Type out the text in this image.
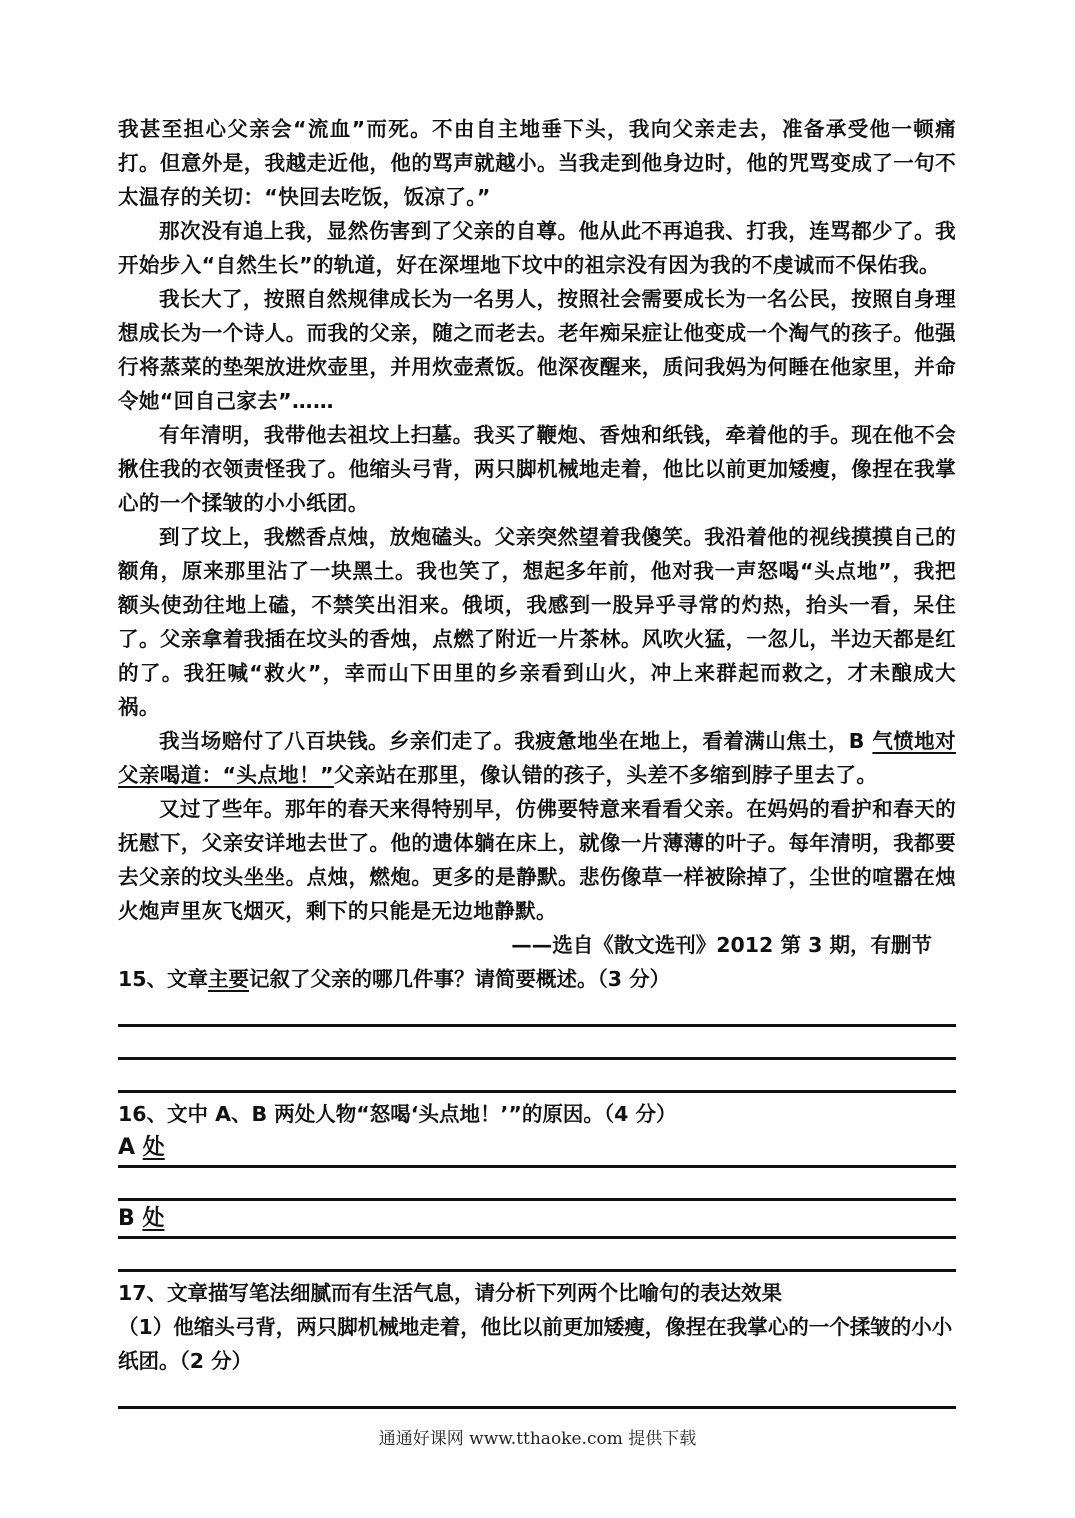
我甚至担心父亲会“流血”而死。不由自主地垂下头，我向父亲走去，准备承受他一顿痛打。但意外是，我越走近他，他的骂声就越小。当我走到他身边时，他的咒骂变成了一句不太温存的关切：“快回去吃饭，饭凉了。”

那次没有追上我，显然伤害到了父亲的自尊。他从此不再追我、打我，连骂都少了。我开始步入“自然生长”的轨道，好在深埋地下坟中的祖宗没有因为我的不虔诚而不保佑我。

我长大了，按照自然规律成长为一名男人，按照社会需要成长为一名公民，按照自身理想成长为一个诗人。而我的父亲，随之而老去。老年痴呆症让他变成一个淘气的孩子。他强行将蒸菜的垫架放进炊壶里，并用炊壶煮饭。他深夜醒来，质问我妈为何睡在他家里，并命令她“回自己家去”……

有年清明，我带他去祖坟上扫墓。我买了鞭炮、香烛和纸钱，牵着他的手。现在他不会揪住我的衣领责怪我了。他缩头弓背，两只脚机械地走着，他比以前更加矮瘦，像捏在我掌心的一个揉皱的小小纸团。

到了坟上，我燃香点烛，放炮磕头。父亲突然望着我傻笑。我沿着他的视线摸摸自己的额角，原来那里沾了一块黑土。我也笑了，想起多年前，他对我一声怒喝“头点地”，我把额头使劲往地上磕，不禁笑出泪来。俄顷，我感到一股异乎寻常的灼热，抬头一看，呆住了。父亲拿着我插在坟头的香烛，点燃了附近一片茶林。风吹火猛，一忽儿，半边天都是红的了。我狂喊“救火”，幸而山下田里的乡亲看到山火，冲上来群起而救之，才未酿成大祸。

我当场赔付了八百块钱。乡亲们走了。我疲惫地坐在地上，看着满山焦土，B 气愤地对父亲喝道：“头点地！”父亲站在那里，像认错的孩子，头差不多缩到脖子里去了。

又过了些年。那年的春天来得特别早，仿佛要特意来看看父亲。在妈妈的看护和春天的抚慰下，父亲安详地去世了。他的遗体躺在床上，就像一片薄薄的叶子。每年清明，我都要去父亲的坟头坐坐。点烛，燃炮。更多的是静默。悲伤像草一样被除掉了，尘世的喧嚣在烛火炮声里灰飞烟灭，剩下的只能是无边地静默。

——选自《散文选刊》2012 第 3 期，有删节

15、文章主要记叙了父亲的哪几件事？请简要概述。（3 分）

16、文中 A、B 两处人物“怒喝‘头点地！’”的原因。（4 分）

A 处
B 处

17、文章描写笔法细腻而有生活气息，请分析下列两个比喻句的表达效果

（1）他缩头弓背，两只脚机械地走着，他比以前更加矮瘦，像捏在我掌心的一个揉皱的小小纸团。（2 分）

通通好课网 www.tthaoke.com 提供下载
